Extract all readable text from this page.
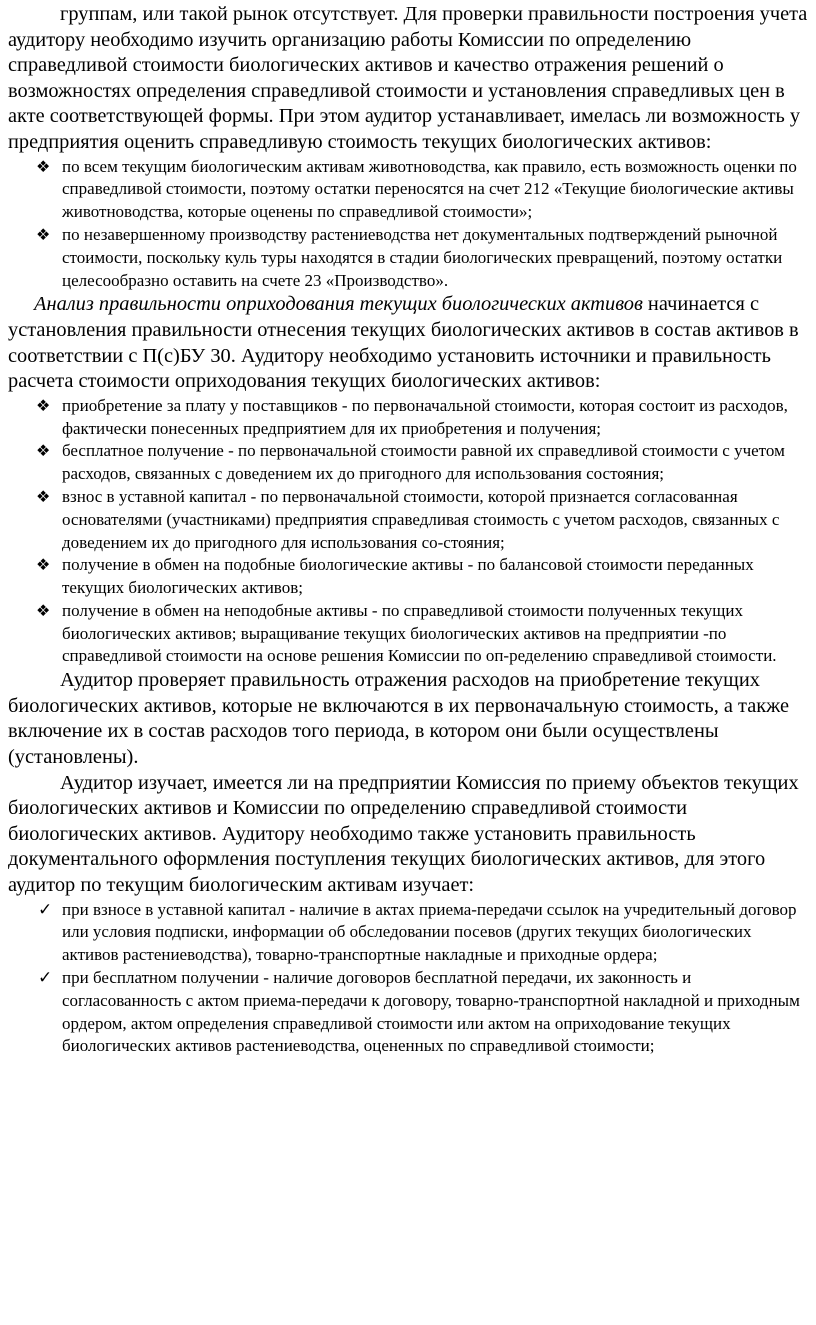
группам, или такой рынок отсутствует. Для проверки правильности построения учета аудитору необходимо изучить организацию работы Комиссии по определению справедливой стоимости биологических активов и качество отражения решений о возможностях определения справедливой стоимости и установления справедливых цен в акте соответствующей формы. При этом аудитор устанавливает, имелась ли возможность у предприятия оценить справедливую стоимость текущих биологических активов:

❖ по всем текущим биологическим активам животноводства, как правило, есть возможность оценки по справедливой стоимости, поэтому остатки переносятся на счет 212 «Текущие биологические активы животноводства, которые оценены по справедливой стоимости»;
❖ по незавершенному производству растениеводства нет документальных подтверждений рыночной стоимости, поскольку куль туры находятся в стадии биологических превращений, поэтому остатки целесообразно оставить на счете 23 «Производство».

Анализ правильности оприходования текущих биологических активов начинается с установления правильности отнесения текущих биологических активов в состав активов в соответствии с П(с)БУ 30. Аудитору необходимо установить источники и правильность расчета стоимости оприходования текущих биологических активов:

❖ приобретение за плату у поставщиков - по первоначальной стоимости, которая состоит из расходов, фактически понесенных предприятием для их приобретения и получения;
❖ бесплатное получение - по первоначальной стоимости равной их справедливой стоимости с учетом расходов, связанных с доведением их до пригодного для использования состояния;
❖ взнос в уставной капитал - по первоначальной стоимости, которой признается согласованная основателями (участниками) предприятия справедливая стоимость с учетом расходов, связанных с доведением их до пригодного для использования со-стояния;
❖ получение в обмен на подобные биологические активы - по балансовой стоимости переданных текущих биологических активов;
❖ получение в обмен на неподобные активы - по справедливой стоимости полученных текущих биологических активов; выращивание текущих биологических активов на предприятии -по справедливой стоимости на основе решения Комиссии по оп-ределению справедливой стоимости.

Аудитор проверяет правильность отражения расходов на приобретение текущих биологических активов, которые не включаются в их первоначальную стоимость, а также включение их в состав расходов того периода, в котором они были осуществлены (установлены).

Аудитор изучает, имеется ли на предприятии Комиссия по приему объектов текущих биологических активов и Комиссии по определению справедливой стоимости биологических активов. Аудитору необходимо также установить правильность документального оформления поступления текущих биологических активов, для этого аудитор по текущим биологическим активам изучает:

✓ при взносе в уставной капитал - наличие в актах приема-передачи ссылок на учредительный договор или условия подписки, информации об обследовании посевов (других текущих биологических активов растениеводства), товарно-транспортные накладные и приходные ордера;
✓ при бесплатном получении - наличие договоров бесплатной передачи, их законность и согласованность с актом приема-передачи к договору, товарно-транспортной накладной и приходным ордером, актом определения справедливой стоимости или актом на оприходование текущих биологических активов растениеводства, оцененных по справедливой стоимости;
